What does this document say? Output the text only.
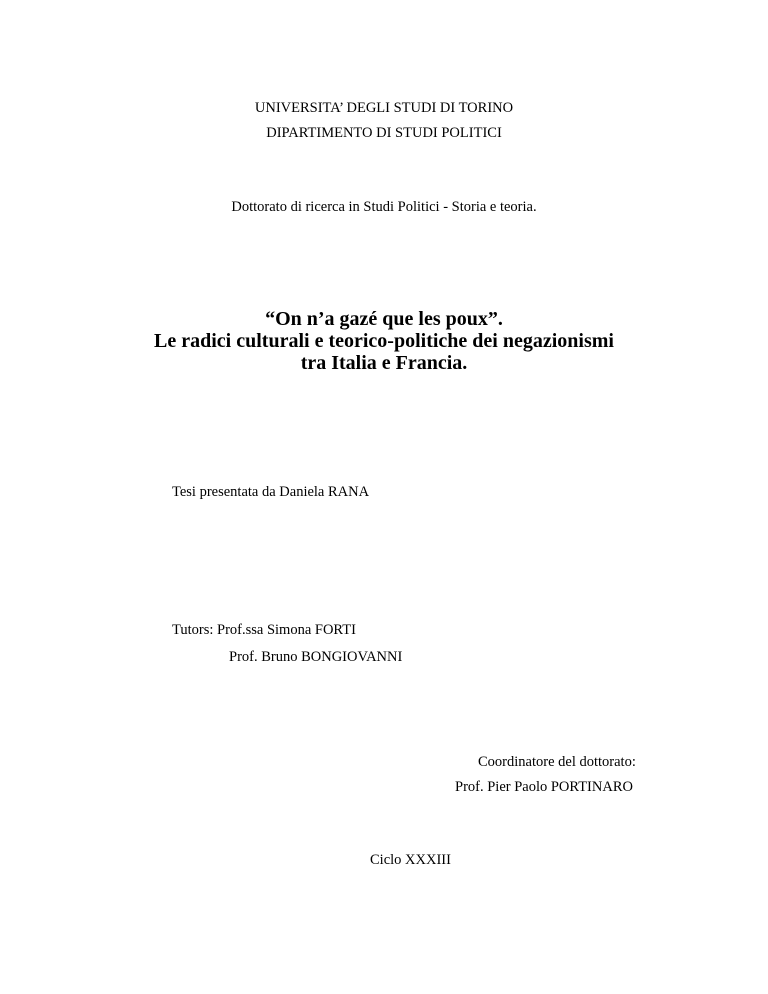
UNIVERSITA’ DEGLI STUDI DI TORINO
DIPARTIMENTO DI STUDI POLITICI
Dottorato di ricerca in Studi Politici - Storia e teoria.
“On n’a gazé que les poux”.
Le radici culturali e teorico-politiche dei negazionismi
tra Italia e Francia.
Tesi presentata da Daniela RANA
Tutors: Prof.ssa Simona FORTI
Prof. Bruno BONGIOVANNI
Coordinatore del dottorato:
Prof. Pier Paolo PORTINARO
Ciclo XXXIII
